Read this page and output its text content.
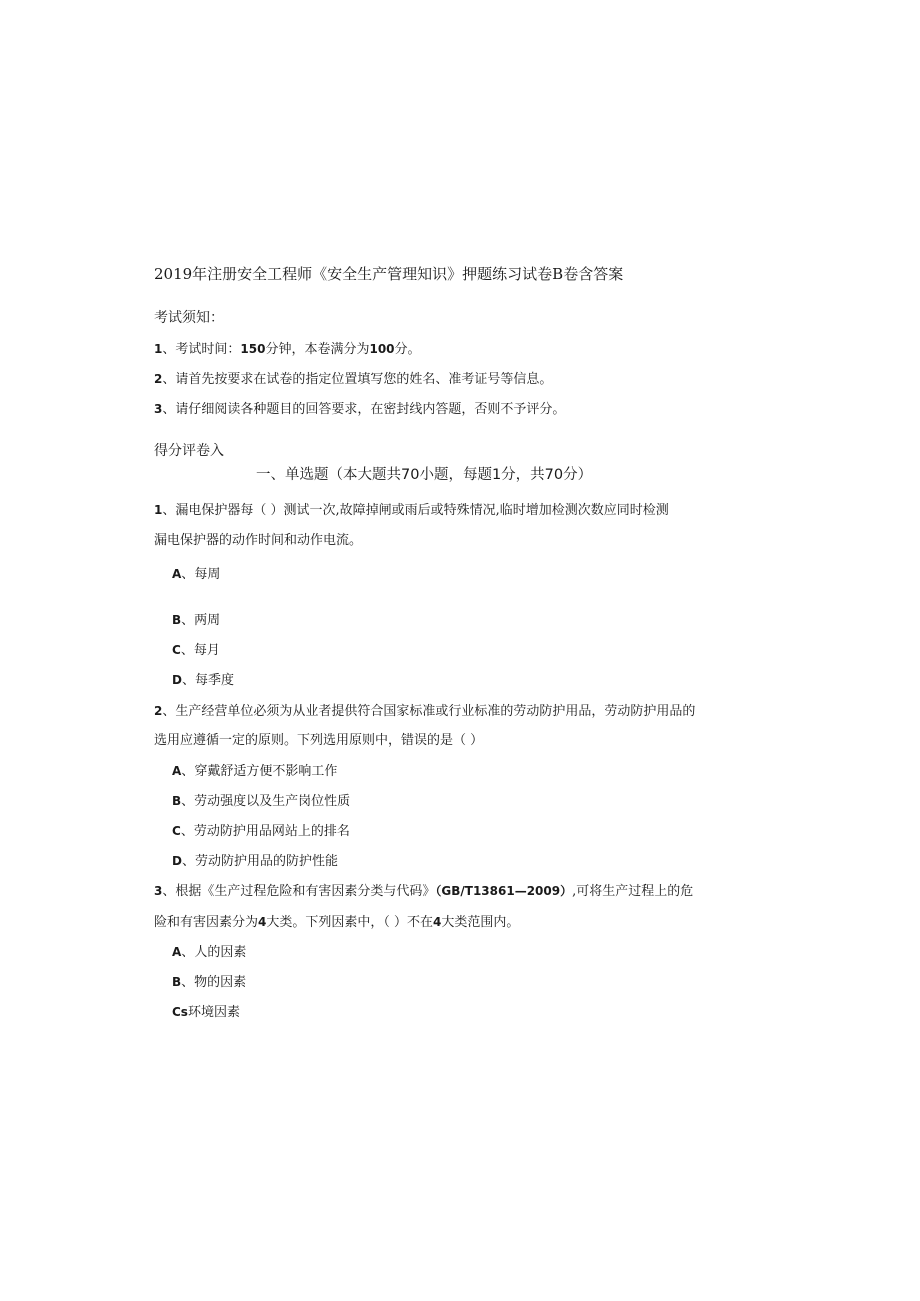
2019年注册安全工程师《安全生产管理知识》押题练习试卷B卷含答案
考试须知：
1、考试时间：150分钟，本卷满分为100分。
2、请首先按要求在试卷的指定位置填写您的姓名、准考证号等信息。
3、请仔细阅读各种题目的回答要求，在密封线内答题，否则不予评分。
得分评卷入
一、单选题（本大题共70小题，每题1分，共70分）
1、漏电保护器每（ ）测试一次,故障掉闸或雨后或特殊情况,临时增加检测次数应同时检测
漏电保护器的动作时间和动作电流。
A、每周
B、两周
C、每月
D、每季度
2、生产经营单位必须为从业者提供符合国家标准或行业标准的劳动防护用品，劳动防护用品的
选用应遵循一定的原则。下列选用原则中，错误的是（ ）
A、穿戴舒适方便不影响工作
B、劳动强度以及生产岗位性质
C、劳动防护用品网站上的排名
D、劳动防护用品的防护性能
3、根据《生产过程危险和有害因素分类与代码》（GB/T13861—2009）,可将生产过程上的危
险和有害因素分为4大类。下列因素中，（ ）不在4大类范围内。
A、人的因素
B、物的因素
Cs环境因素
